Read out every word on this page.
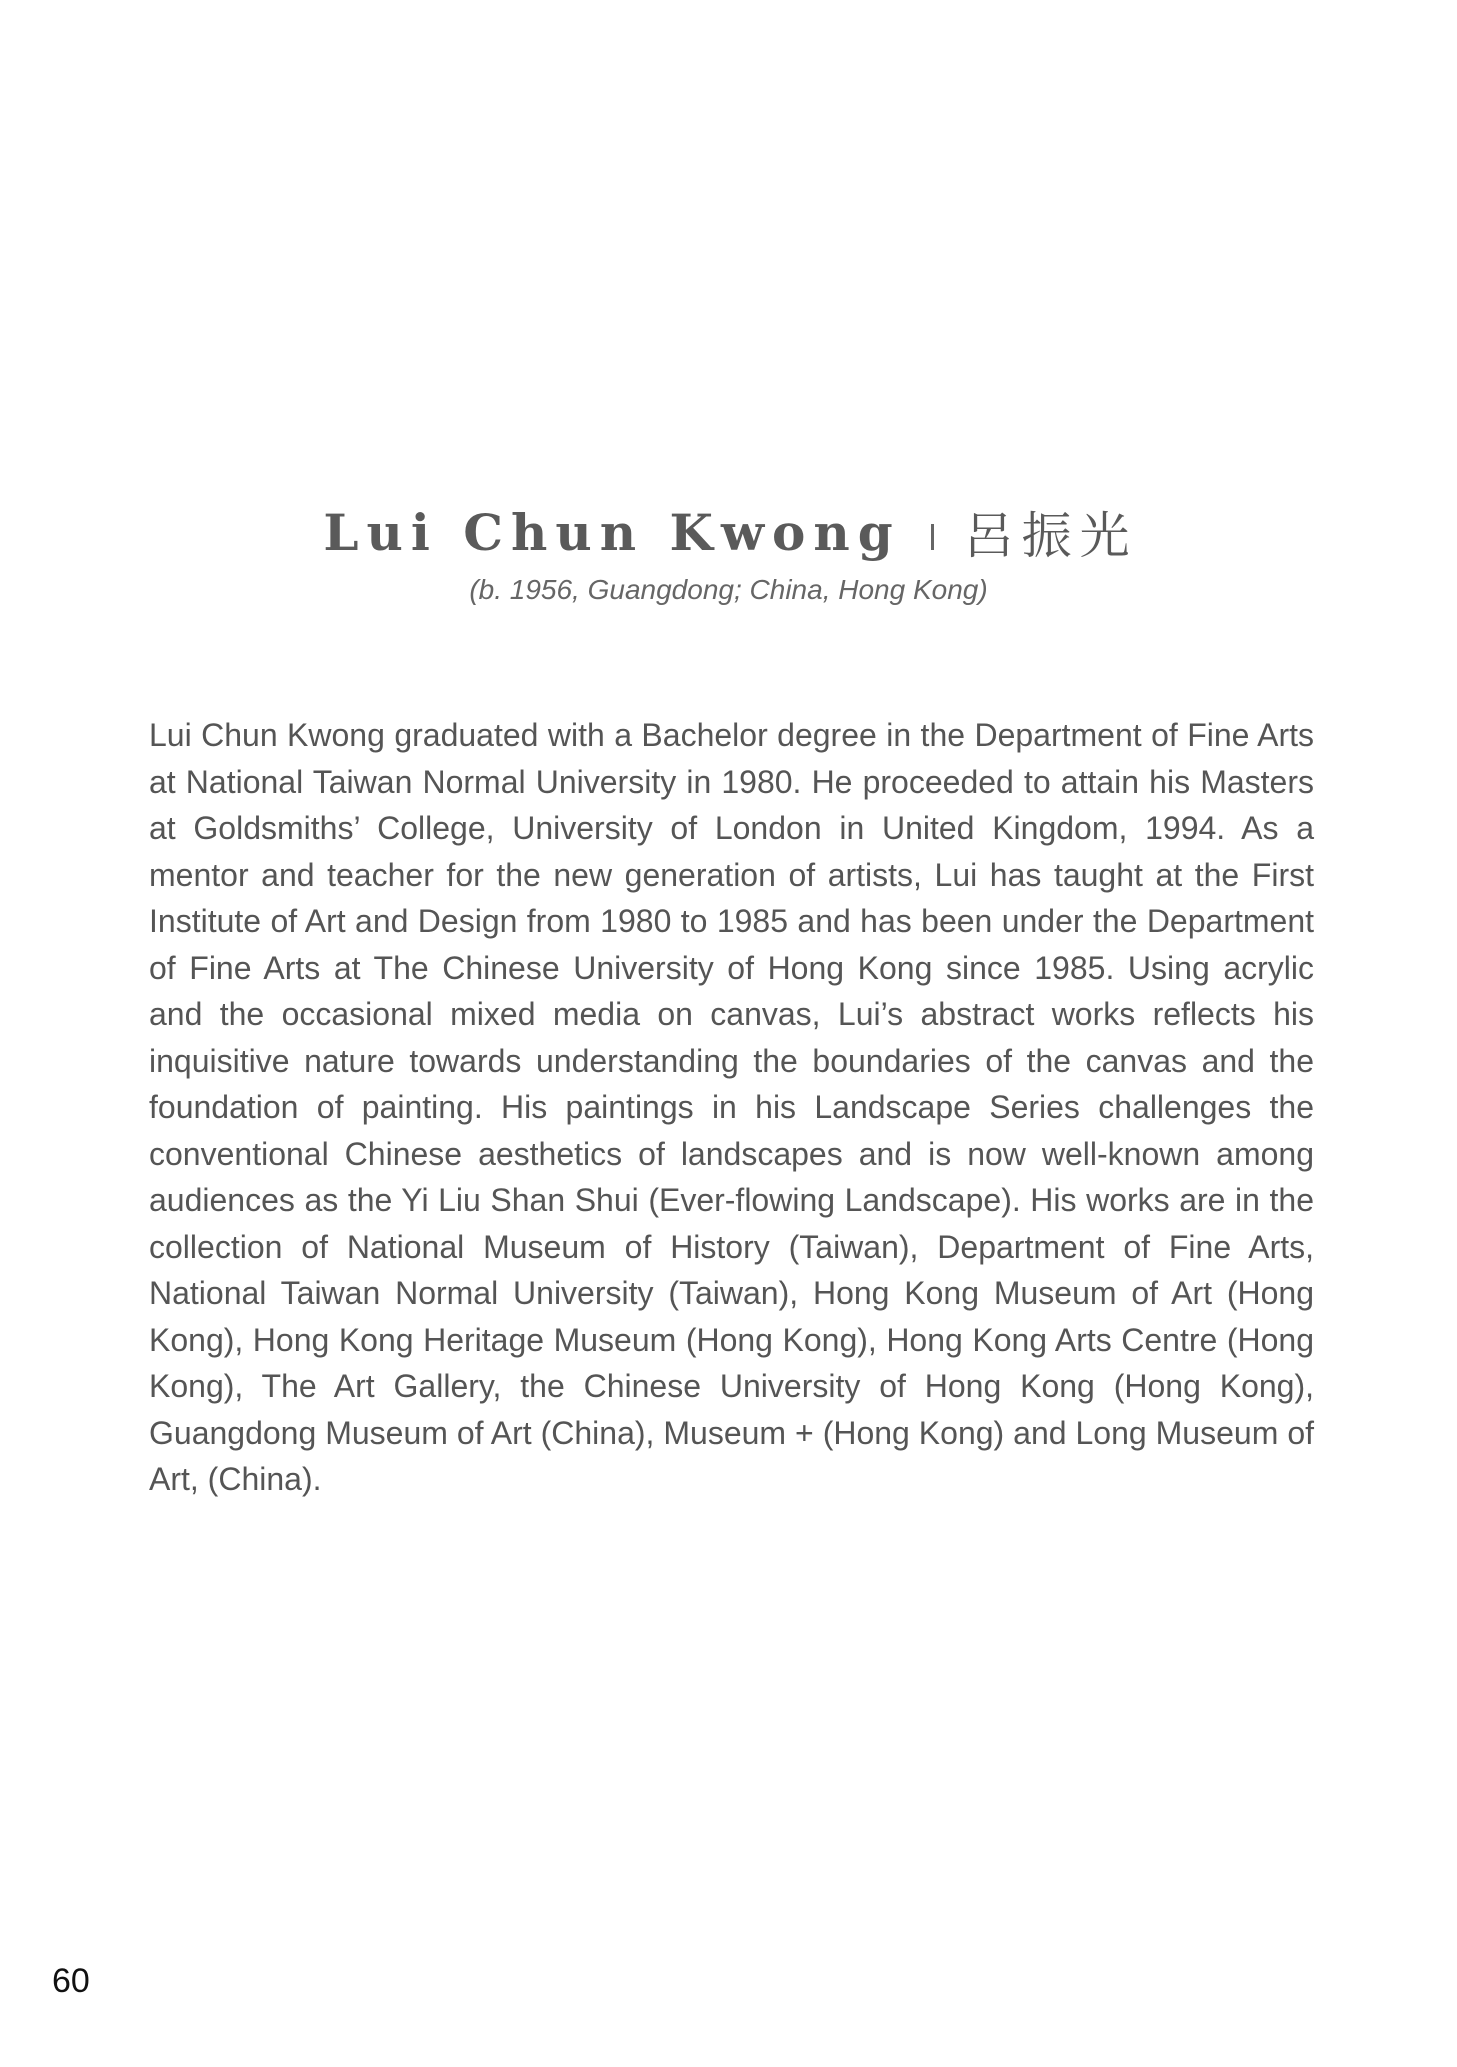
Lui Chun Kwong 呂振光
(b. 1956, Guangdong; China, Hong Kong)

Lui Chun Kwong graduated with a Bachelor degree in the Department of Fine Arts at National Taiwan Normal University in 1980. He proceeded to attain his Masters at Goldsmiths’ College, University of London in United Kingdom, 1994. As a mentor and teacher for the new generation of artists, Lui has taught at the First Institute of Art and Design from 1980 to 1985 and has been under the Department of Fine Arts at The Chinese University of Hong Kong since 1985. Using acrylic and the occasional mixed media on canvas, Lui’s abstract works reflects his inquisitive nature towards understanding the boundaries of the canvas and the foundation of painting. His paintings in his Landscape Series challenges the conventional Chinese aesthetics of landscapes and is now well-known among audiences as the Yi Liu Shan Shui (Ever-flowing Landscape). His works are in the collection of National Museum of History (Taiwan), Department of Fine Arts, National Taiwan Normal University (Taiwan), Hong Kong Museum of Art (Hong Kong), Hong Kong Heritage Museum (Hong Kong), Hong Kong Arts Centre (Hong Kong), The Art Gallery, the Chinese University of Hong Kong (Hong Kong), Guangdong Museum of Art (China), Museum + (Hong Kong) and Long Museum of Art, (China).

60
